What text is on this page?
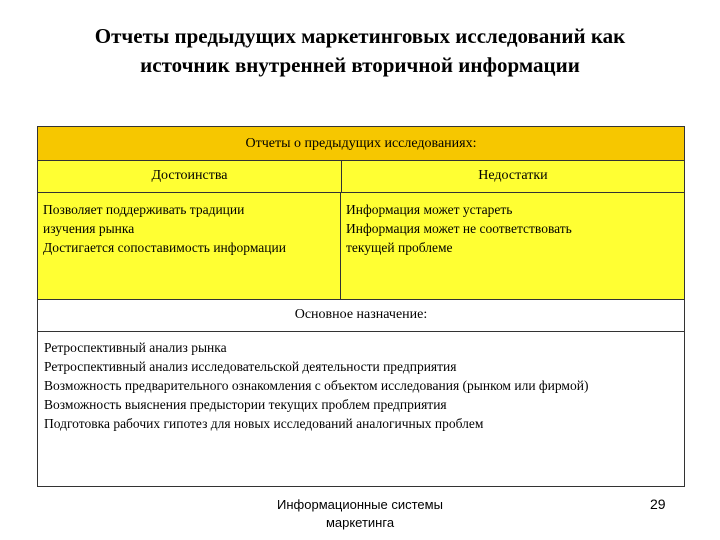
Отчеты предыдущих маркетинговых исследований как
источник внутренней вторичной информации
Отчеты о предыдущих исследованиях:
Достоинства	Недостатки
Позволяет поддерживать традиции
изучения рынка
Достигается сопоставимость информации
Информация может устареть
Информация может не соответствовать
текущей проблеме
Основное назначение:
Ретроспективный анализ рынка
Ретроспективный анализ исследовательской деятельности предприятия
Возможность предварительного ознакомления с объектом исследования (рынком или фирмой)
Возможность выяснения предыстории текущих проблем предприятия
Подготовка рабочих гипотез для новых исследований аналогичных проблем
Информационные системы
маркетинга
29
